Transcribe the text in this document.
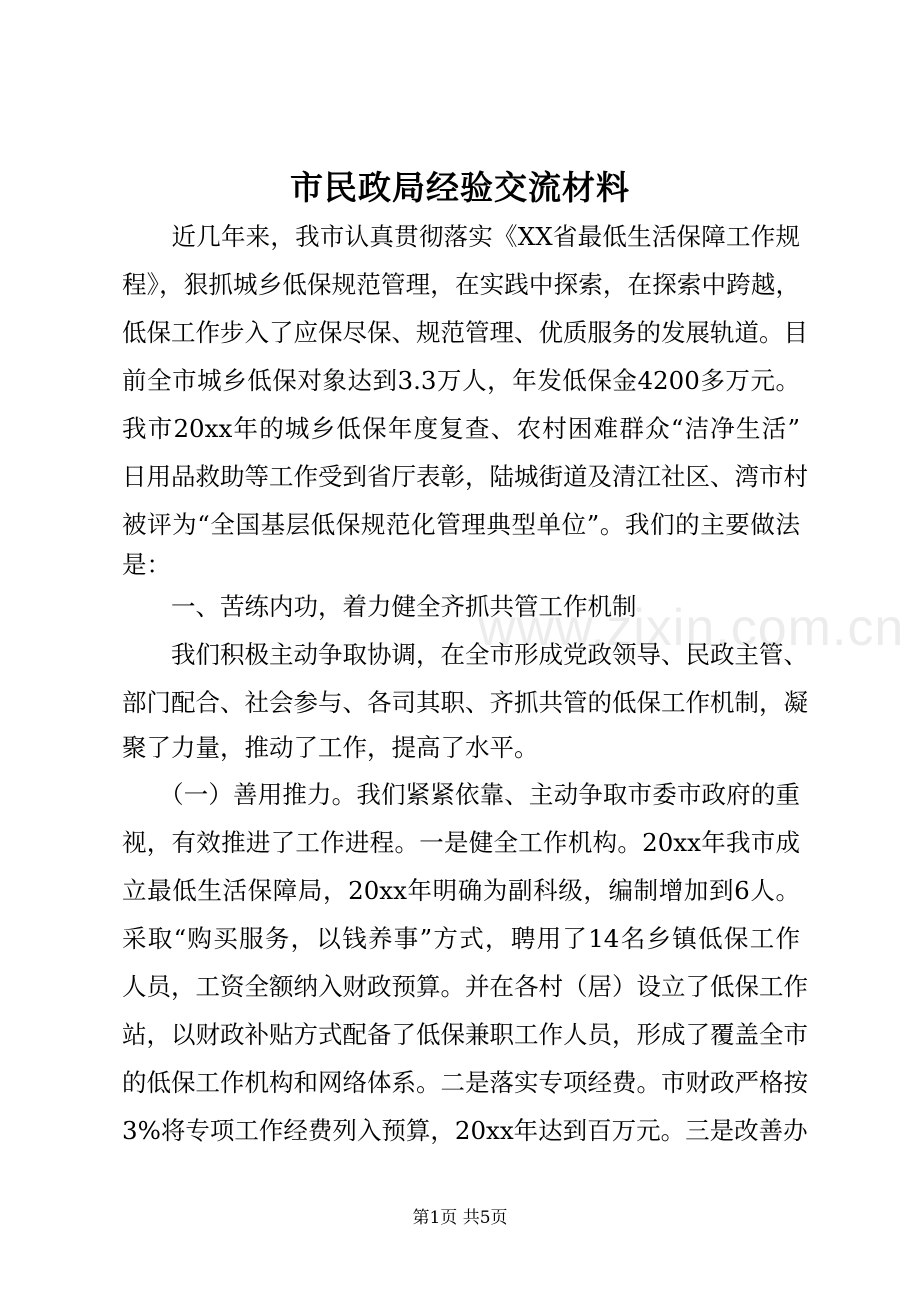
市民政局经验交流材料
　　近几年来，我市认真贯彻落实《XX省最低生活保障工作规
程》，狠抓城乡低保规范管理，在实践中探索，在探索中跨越，
低保工作步入了应保尽保、规范管理、优质服务的发展轨道。目
前全市城乡低保对象达到3.3万人，年发低保金4200多万元。
我市20xx年的城乡低保年度复查、农村困难群众“洁净生活”
日用品救助等工作受到省厅表彰，陆城街道及清江社区、湾市村
被评为“全国基层低保规范化管理典型单位”。我们的主要做法
是：
　　一、苦练内功，着力健全齐抓共管工作机制
　　我们积极主动争取协调，在全市形成党政领导、民政主管、
部门配合、社会参与、各司其职、齐抓共管的低保工作机制，凝
聚了力量，推动了工作，提高了水平。
　　（一）善用推力。我们紧紧依靠、主动争取市委市政府的重
视，有效推进了工作进程。一是健全工作机构。20xx年我市成
立最低生活保障局，20xx年明确为副科级，编制增加到6人。
采取“购买服务，以钱养事”方式，聘用了14名乡镇低保工作
人员，工资全额纳入财政预算。并在各村（居）设立了低保工作
站，以财政补贴方式配备了低保兼职工作人员，形成了覆盖全市
的低保工作机构和网络体系。二是落实专项经费。市财政严格按
3%将专项工作经费列入预算，20xx年达到百万元。三是改善办
www.zixin.com.cn
第1页 共5页
